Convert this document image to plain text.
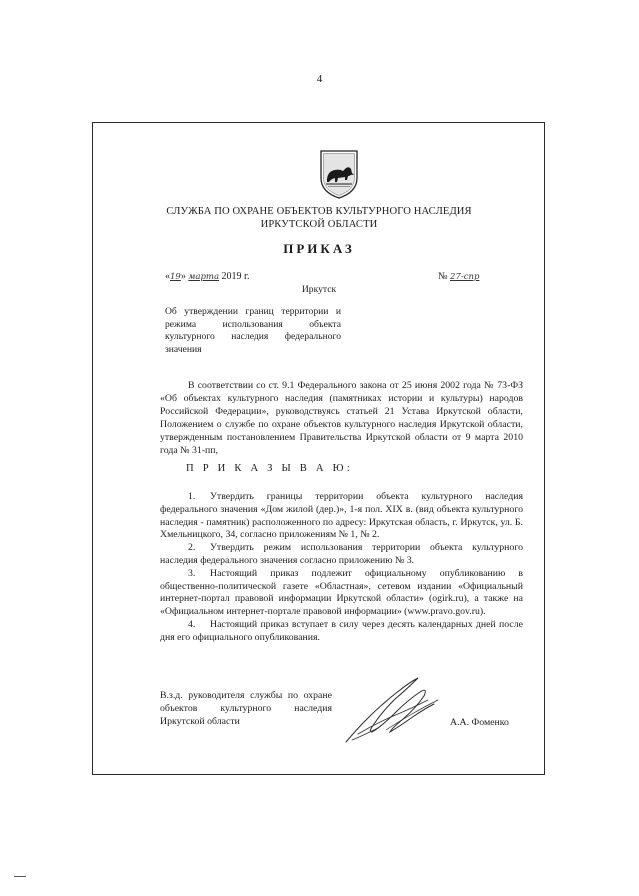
4
СЛУЖБА ПО ОХРАНЕ ОБЪЕКТОВ КУЛЬТУРНОГО НАСЛЕДИЯ
ИРКУТСКОЙ ОБЛАСТИ
ПРИКАЗ
«19» марта 2019 г.	№ 27-спр
Иркутск
Об утверждении границ территории и режима использования объекта культурного наследия федерального значения

В соответствии со ст. 9.1 Федерального закона от 25 июня 2002 года № 73-ФЗ «Об объектах культурного наследия (памятниках истории и культуры) народов Российской Федерации», руководствуясь статьей 21 Устава Иркутской области, Положением о службе по охране объектов культурного наследия Иркутской области, утвержденным постановлением Правительства Иркутской области от 9 марта 2010 года № 31-пп,

П Р И К А З Ы В А Ю:

1. Утвердить границы территории объекта культурного наследия федерального значения «Дом жилой (дер.)», 1-я пол. XIX в. (вид объекта культурного наследия - памятник) расположенного по адресу: Иркутская область, г. Иркутск, ул. Б. Хмельницкого, 34, согласно приложениям № 1, № 2.

2. Утвердить режим использования территории объекта культурного наследия федерального значения согласно приложению № 3.

3. Настоящий приказ подлежит официальному опубликованию в общественно-политической газете «Областная», сетевом издании «Официальный интернет-портал правовой информации Иркутской области» (ogirk.ru), а также на «Официальном интернет-портале правовой информации» (www.pravo.gov.ru).

4. Настоящий приказ вступает в силу через десять календарных дней после дня его официального опубликования.

В.з.д. руководителя службы по охране объектов культурного наследия Иркутской области	А.А. Фоменко
